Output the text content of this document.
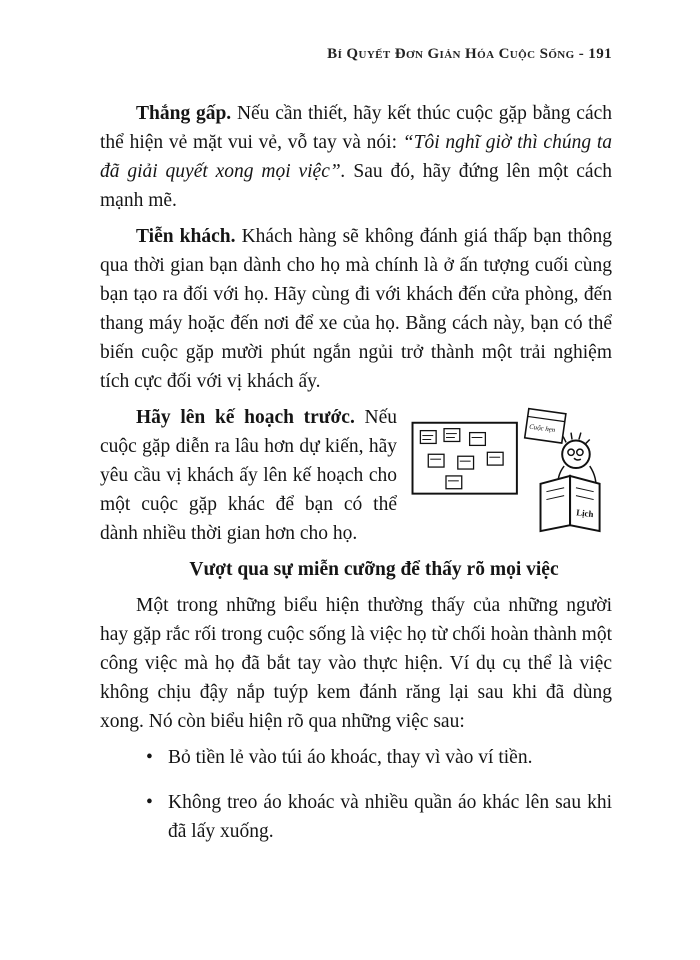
Bí Quyết Đơn Giản Hóa Cuộc Sống - 191

Thắng gấp. Nếu cần thiết, hãy kết thúc cuộc gặp bằng cách thể hiện vẻ mặt vui vẻ, vỗ tay và nói: “Tôi nghĩ giờ thì chúng ta đã giải quyết xong mọi việc”. Sau đó, hãy đứng lên một cách mạnh mẽ.

Tiễn khách. Khách hàng sẽ không đánh giá thấp bạn thông qua thời gian bạn dành cho họ mà chính là ở ấn tượng cuối cùng bạn tạo ra đối với họ. Hãy cùng đi với khách đến cửa phòng, đến thang máy hoặc đến nơi để xe của họ. Bằng cách này, bạn có thể biến cuộc gặp mười phút ngắn ngủi trở thành một trải nghiệm tích cực đối với vị khách ấy.

Cuộc hẹn
Lịch
Hãy lên kế hoạch trước. Nếu cuộc gặp diễn ra lâu hơn dự kiến, hãy yêu cầu vị khách ấy lên kế hoạch cho một cuộc gặp khác để bạn có thể dành nhiều thời gian hơn cho họ.

Vượt qua sự miễn cưỡng để thấy rõ mọi việc

Một trong những biểu hiện thường thấy của những người hay gặp rắc rối trong cuộc sống là việc họ từ chối hoàn thành một công việc mà họ đã bắt tay vào thực hiện. Ví dụ cụ thể là việc không chịu đậy nắp tuýp kem đánh răng lại sau khi đã dùng xong. Nó còn biểu hiện rõ qua những việc sau:

• Bỏ tiền lẻ vào túi áo khoác, thay vì vào ví tiền.
• Không treo áo khoác và nhiều quần áo khác lên sau khi đã lấy xuống.
